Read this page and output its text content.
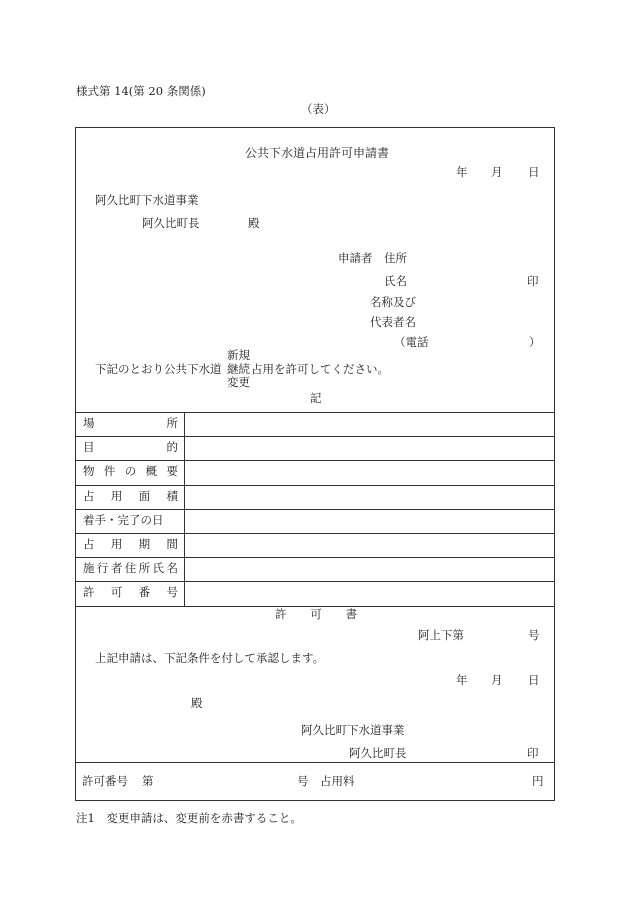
様式第 14(第 20 条関係)
（表）
公共下水道占用許可申請書
年 月 日
阿久比町下水道事業
阿久比町長	殿
申請者 住所
氏名	印
名称及び
代表者名
（電話	）
新規
下記のとおり公共下水道 継続 占用を許可してください。
変更
記
場	所
目	的
物 件 の 概 要
占 用 面 積
着手・完了の日
占 用 期 間
施 行 者 住 所 氏 名
許 可 番 号
許 可 書
阿上下第	号
上記申請は、下記条件を付して承認します。
年 月 日
殿
阿久比町下水道事業
阿久比町長	印
許可番号 第	号 占用料	円
注1　変更申請は、変更前を赤書すること。
